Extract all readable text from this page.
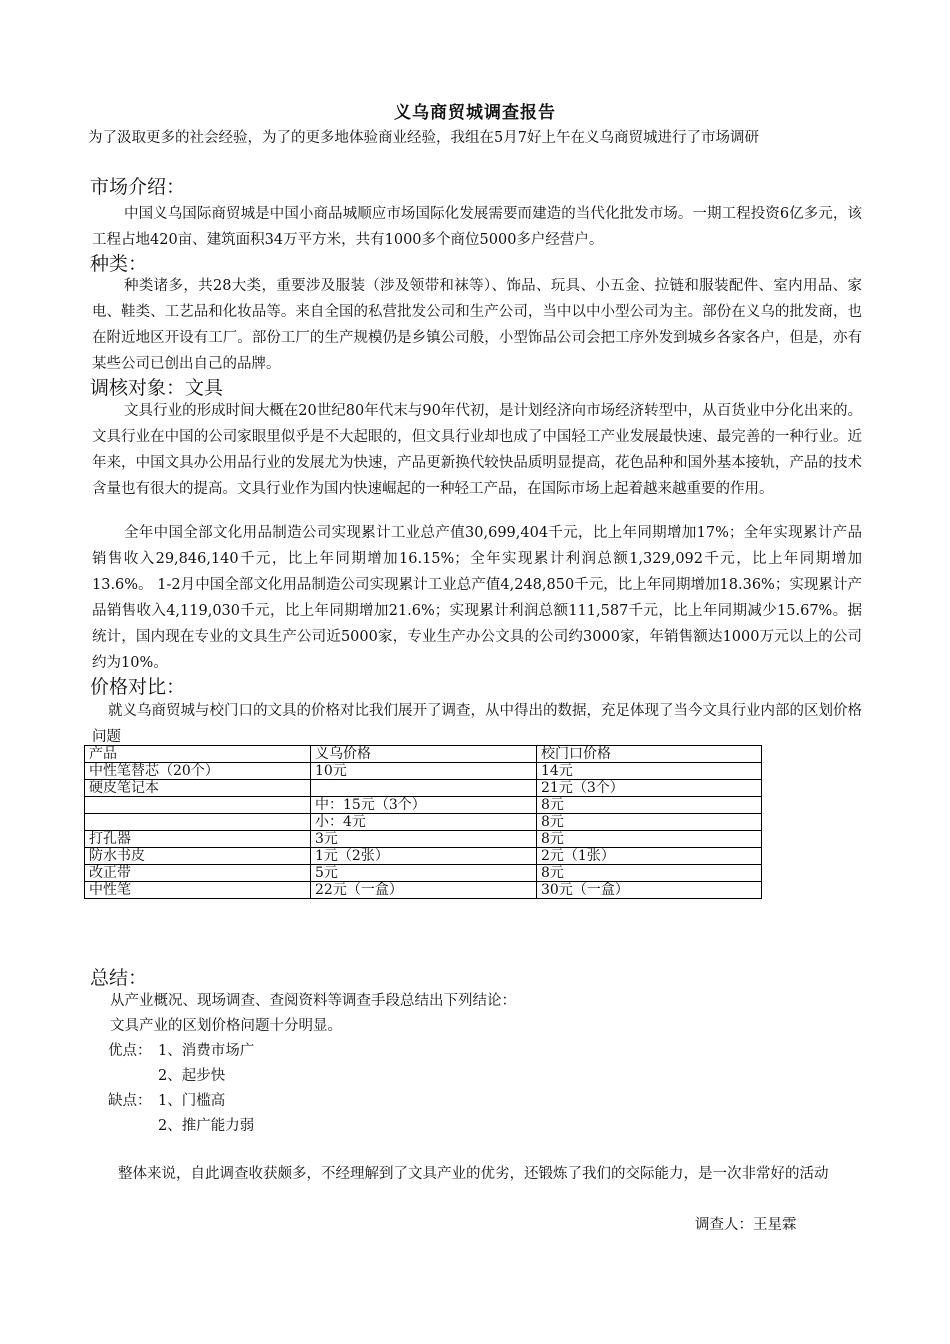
义乌商贸城调查报告
为了汲取更多的社会经验，为了的更多地体验商业经验，我组在5月7好上午在义乌商贸城进行了市场调研
市场介绍：

中国义乌国际商贸城是中国小商品城顺应市场国际化发展需要而建造的当代化批发市场。一期工程投资6亿多元，该工程占地420亩、建筑面积34万平方米，共有1000多个商位5000多户经营户。

种类：

种类诸多，共28大类，重要涉及服装（涉及领带和袜等）、饰品、玩具、小五金、拉链和服装配件、室内用品、家电、鞋类、工艺品和化妆品等。来自全国的私营批发公司和生产公司，当中以中小型公司为主。部份在义乌的批发商，也在附近地区开设有工厂。部份工厂的生产规模仍是乡镇公司般，小型饰品公司会把工序外发到城乡各家各户，但是，亦有某些公司已创出自己的品牌。

调核对象：文具

文具行业的形成时间大概在20世纪80年代末与90年代初，是计划经济向市场经济转型中，从百货业中分化出来的。文具行业在中国的公司家眼里似乎是不大起眼的，但文具行业却也成了中国轻工产业发展最快速、最完善的一种行业。近年来，中国文具办公用品行业的发展尤为快速，产品更新换代较快品质明显提高，花色品种和国外基本接轨，产品的技术含量也有很大的提高。文具行业作为国内快速崛起的一种轻工产品，在国际市场上起着越来越重要的作用。

全年中国全部文化用品制造公司实现累计工业总产值30,699,404千元，比上年同期增加17%；全年实现累计产品销售收入29,846,140千元，比上年同期增加16.15%；全年实现累计利润总额1,329,092千元，比上年同期增加13.6%。 1-2月中国全部文化用品制造公司实现累计工业总产值4,248,850千元，比上年同期增加18.36%；实现累计产品销售收入4,119,030千元，比上年同期增加21.6%；实现累计利润总额111,587千元，比上年同期减少15.67%。据统计，国内现在专业的文具生产公司近5000家，专业生产办公文具的公司约3000家，年销售额达1000万元以上的公司约为10%。

价格对比：

就义乌商贸城与校门口的文具的价格对比我们展开了调查，从中得出的数据，充足体现了当今文具行业内部的区划价格问题

产品	义乌价格	校门口价格
中性笔替芯（20个）	10元	14元
硬皮笔记本		21元（3个）
	中：15元（3个）	8元
	小：4元	8元
打孔器	3元	8元
防水书皮	1元（2张）	2元（1张）
改正带	5元	8元
中性笔	22元（一盒）	30元（一盒）
总结：
从产业概况、现场调查、查阅资料等调查手段总结出下列结论：
文具产业的区划价格问题十分明显。
优点： 1、消费市场广
2、起步快
缺点： 1、门槛高
2、推广能力弱

整体来说，自此调查收获颇多，不经理解到了文具产业的优劣，还锻炼了我们的交际能力，是一次非常好的活动

调查人：王星霖
